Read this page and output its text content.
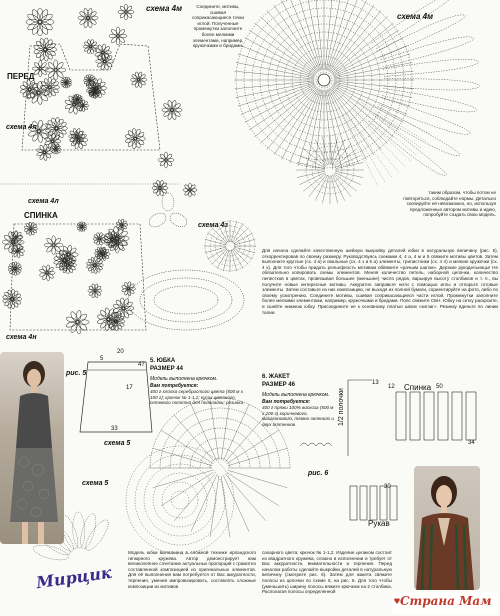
схема 4м
схема 4м
ПЕРЕД
схема 4л
схема 4л
СПИНКА
схема 4з
схема 4н
схема 5
схема 5
рис. 5
рис. 6
Спинка
Рукав
1/2 полочки
20
5
47
17
33
12	50
13
30
34
Соедините, мотивы, сшивая соприкасающиеся точки иглой. Полученные промежутки заполните более мелкими элементами, например, кружочками и бридами.
таким образом, чтобы потом не повторяться, соблюдайте нормы. Детально скопируйте её невозможно, но, используя предложенные автором мотивы и идею, попробуйте создать свою модель.
Для начала сделайте качественную шейную выкройку деталей юбки в натуральную величину (рис. 5), откорректировав по своему размеру. Руководствуясь схемами 4, 4 а, 4 м и 5 свяжите мотивы цветов. Затем выполните круглые (сх. 4 а) и овальные (сх. 4 з и 5 а) элементы, трилистники (сх. 4 л) и мелкие кружочки (сх. 4 к). Для того чтобы придать рельефность мотивам обвяжите «рачьим шагом». Дерзкие рукодельницы! Не обязательно копировать схемы элементов. Меняя количество петель, наборной цепочки, количество лепестков в цветах, провязывая большее (меньшее) число рядов, варьируя высоту столбиков и т. п., вы получите новые интересные мотивы. Аккуратно заправьте нити с помощью иглы и отпарьте готовые элементы. Затем составьте из них композицию, не выходя из полной бумаги, сориентируйте на фото, либо по своему усмотрению. Соедините мотивы, сшивая соприкасающиеся части иглой. Промежутки заполните более мелкими элементами, например, кружочками и бридами. Пояс свяжите СБН. Юбку на сетку раскроите, и сшейте нижнюю юбку. Присоедините ее к основному платью швом «зигзаг». Резинку вденьте по линии талии.
5. ЮБКА
РАЗМЕР 44
Модель выполнена крючком.
Вам потребуется:
400 г хлопка серебристого цвета (500 м х 100 г); крючок № 1-1,2; кусок цветного сетевого полотна для подкладки; резинка.
6. ЖАКЕТ
РАЗМЕР 46
Модель выполнена крючком.
Вам потребуется:
400 г пряжи 100% вискоза (500 м х 100 г) коричневого, махагонового, темно-зеленого и двух оттенков
Модель юбки выполнена в сложной технике ирландского гипюрного кружева. Автор демонстрирует нам великолепное сочетание актуальных пропорций с грамотно составленной композицией из оригинальных элементов. Для её выполнения вам потребуется от Вас аккуратности, терпения, умения импровизировать, составлять сложные композиции из мотивов
сахарного цвета; крючок № 1-1,2. Изделие целиком состоит из квадратного кружева, сложно в исполнении и требует от Вас аккуратности, внимательности и терпения. Перед началом работы сделайте выкройки деталей в натуральную величину (смотрите рис. 6). Затем для жакета свяжите полосы из цепочки по схеме 6, на рис. 6. Для того чтобы (уменьшить) ширину полосы вяжите крючком на 2 столбика. Располагая полосы определенной
Мирцик
Страна Мам
